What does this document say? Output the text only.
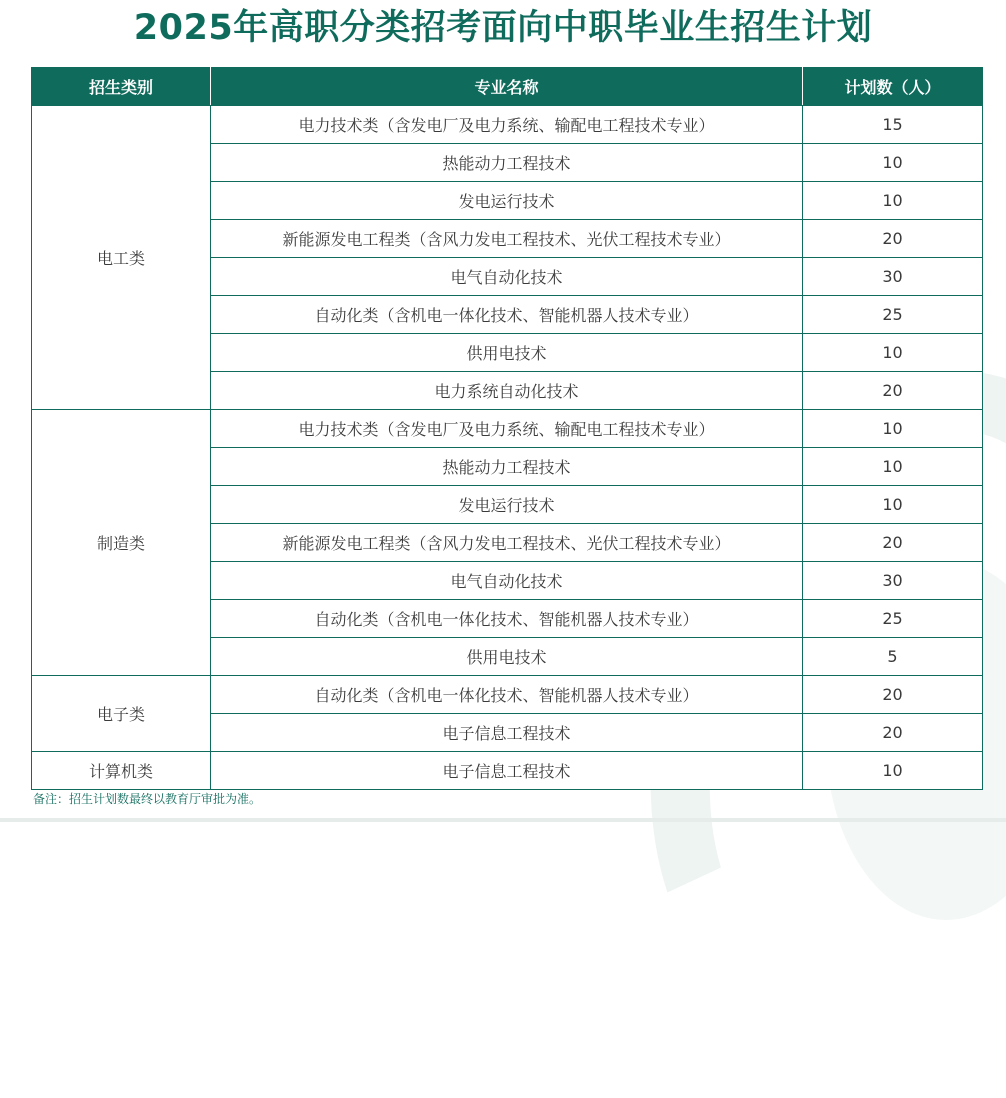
2025年高职分类招考面向中职毕业生招生计划
招生类别	专业名称	计划数（人）
电工类	电力技术类（含发电厂及电力系统、输配电工程技术专业）	15
	热能动力工程技术	10
	发电运行技术	10
	新能源发电工程类（含风力发电工程技术、光伏工程技术专业）	20
	电气自动化技术	30
	自动化类（含机电一体化技术、智能机器人技术专业）	25
	供用电技术	10
	电力系统自动化技术	20
制造类	电力技术类（含发电厂及电力系统、输配电工程技术专业）	10
	热能动力工程技术	10
	发电运行技术	10
	新能源发电工程类（含风力发电工程技术、光伏工程技术专业）	20
	电气自动化技术	30
	自动化类（含机电一体化技术、智能机器人技术专业）	25
	供用电技术	5
电子类	自动化类（含机电一体化技术、智能机器人技术专业）	20
	电子信息工程技术	20
计算机类	电子信息工程技术	10
备注：招生计划数最终以教育厅审批为准。
